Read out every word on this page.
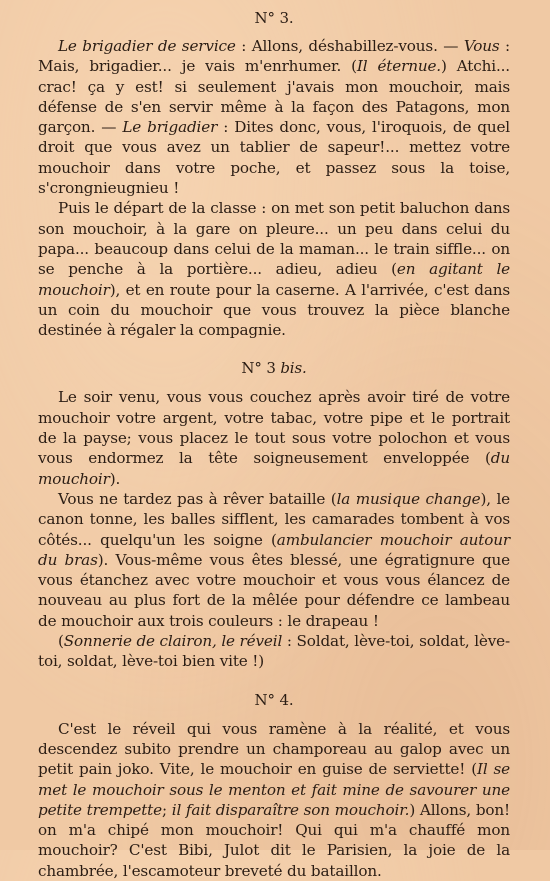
N° 3.

Le brigadier de service : Allons, déshabillez-vous. — Vous : Mais, brigadier... je vais m'enrhumer. (Il éternue.) Atchi... crac! ça y est! si seulement j'avais mon mouchoir, mais défense de s'en servir même à la façon des Patagons, mon garçon. — Le brigadier : Dites donc, vous, l'iroquois, de quel droit que vous avez un tablier de sapeur!... mettez votre mouchoir dans votre poche, et passez sous la toise, s'crongnieugnieu !

Puis le départ de la classe : on met son petit baluchon dans son mouchoir, à la gare on pleure... un peu dans celui du papa... beaucoup dans celui de la maman... le train siffle... on se penche à la portière... adieu, adieu (en agitant le mouchoir), et en route pour la caserne. A l'arrivée, c'est dans un coin du mouchoir que vous trouvez la pièce blanche destinée à régaler la compagnie.

N° 3 bis.

Le soir venu, vous vous couchez après avoir tiré de votre mouchoir votre argent, votre tabac, votre pipe et le portrait de la payse; vous placez le tout sous votre polochon et vous vous endormez la tête soigneusement enveloppée (du mouchoir).

Vous ne tardez pas à rêver bataille (la musique change), le canon tonne, les balles sifflent, les camarades tombent à vos côtés... quelqu'un les soigne (ambulancier mouchoir autour du bras). Vous-même vous êtes blessé, une égratignure que vous étanchez avec votre mouchoir et vous vous élancez de nouveau au plus fort de la mêlée pour défendre ce lambeau de mouchoir aux trois couleurs : le drapeau !

(Sonnerie de clairon, le réveil : Soldat, lève-toi, soldat, lève-toi, soldat, lève-toi bien vite !)

N° 4.

C'est le réveil qui vous ramène à la réalité, et vous descendez subito prendre un champoreau au galop avec un petit pain joko. Vite, le mouchoir en guise de serviette! (Il se met le mouchoir sous le menton et fait mine de savourer une petite trempette; il fait disparaître son mouchoir.) Allons, bon! on m'a chipé mon mouchoir! Qui qui m'a chauffé mon mouchoir? C'est Bibi, Julot dit le Parisien, la joie de la chambrée, l'escamoteur breveté du bataillon.
